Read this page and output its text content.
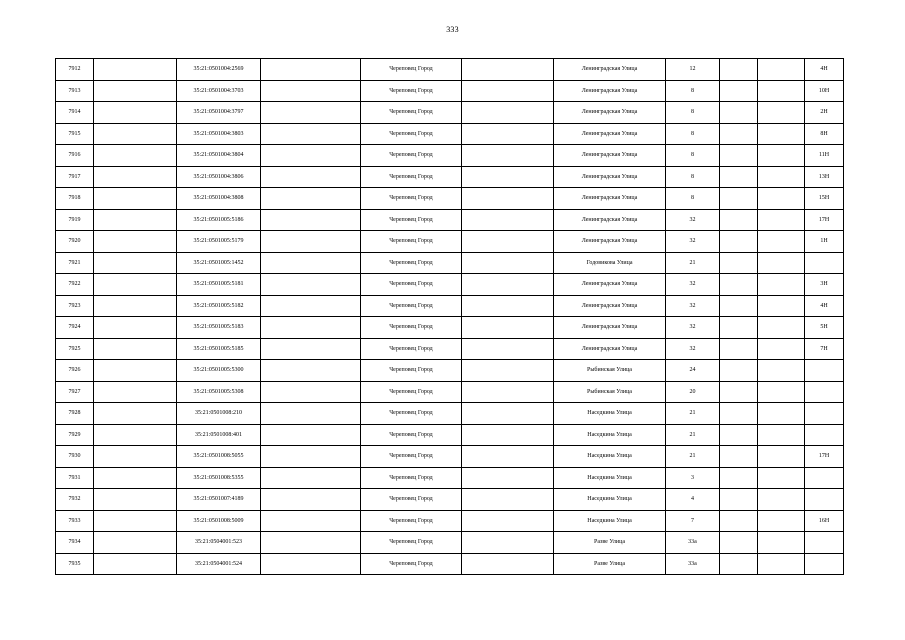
333
7912		35:21:0501004:2569		Череповец Город		Ленинградская Улица	12			4Н
7913		35:21:0501004:3703		Череповец Город		Ленинградская Улица	8			10Н
7914		35:21:0501004:3797		Череповец Город		Ленинградская Улица	8			2Н
7915		35:21:0501004:3803		Череповец Город		Ленинградская Улица	8			8Н
7916		35:21:0501004:3804		Череповец Город		Ленинградская Улица	8			11Н
7917		35:21:0501004:3806		Череповец Город		Ленинградская Улица	8			13Н
7918		35:21:0501004:3808		Череповец Город		Ленинградская Улица	8			15Н
7919		35:21:0501005:5186		Череповец Город		Ленинградская Улица	32			17Н
7920		35:21:0501005:5179		Череповец Город		Ленинградская Улица	32			1Н
7921		35:21:0501005:1452		Череповец Город		Годовикова Улица	21			
7922		35:21:0501005:5181		Череповец Город		Ленинградская Улица	32			3Н
7923		35:21:0501005:5182		Череповец Город		Ленинградская Улица	32			4Н
7924		35:21:0501005:5183		Череповец Город		Ленинградская Улица	32			5Н
7925		35:21:0501005:5185		Череповец Город		Ленинградская Улица	32			7Н
7926		35:21:0501005:5300		Череповец Город		Рыбинская Улица	24			
7927		35:21:0501005:5308		Череповец Город		Рыбинская Улица	20			
7928		35:21:0501008:210		Череповец Город		Наседкина Улица	21			
7929		35:21:0501008:401		Череповец Город		Наседкина Улица	21			
7930		35:21:0501008:5055		Череповец Город		Наседкина Улица	21			17Н
7931		35:21:0501008:5355		Череповец Город		Наседкина Улица	3			
7932		35:21:0501007:4189		Череповец Город		Наседкина Улица	4			
7933		35:21:0501008:5009		Череповец Город		Наседкина Улица	7			16Н
7934		35:21:0504001:523		Череповец Город		Разве Улица	33а			
7935		35:21:0504001:524		Череповец Город		Разве Улица	33а			
